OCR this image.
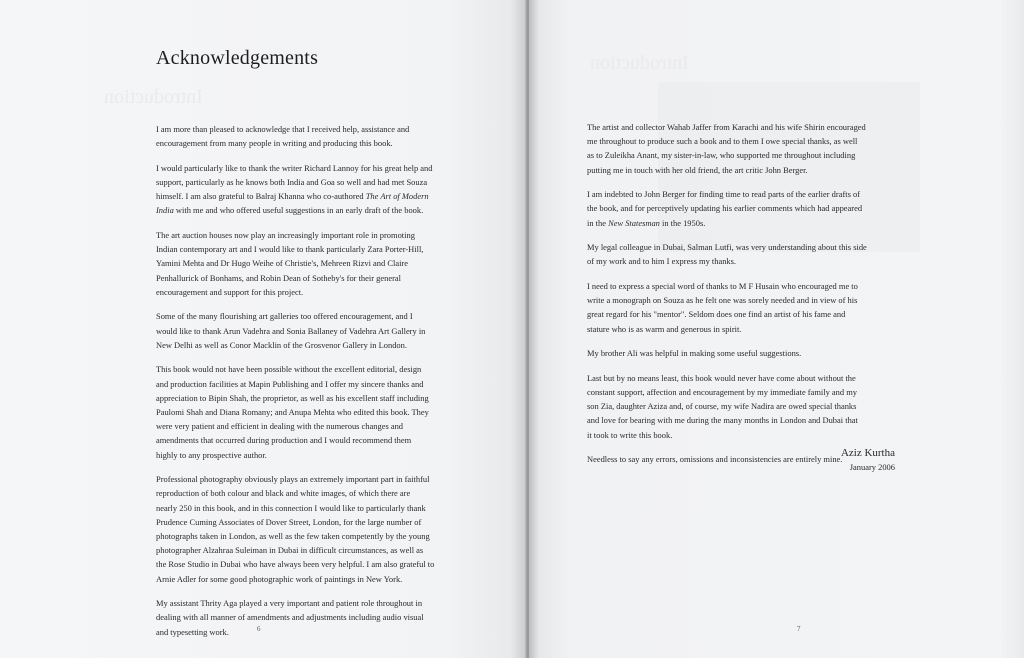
Introduction
Acknowledgements

I am more than pleased to acknowledge that I received help, assistance and
encouragement from many people in writing and producing this book.

I would particularly like to thank the writer Richard Lannoy for his great help and
support, particularly as he knows both India and Goa so well and had met Souza
himself. I am also grateful to Balraj Khanna who co-authored The Art of Modern
India with me and who offered useful suggestions in an early draft of the book.

The art auction houses now play an increasingly important role in promoting
Indian contemporary art and I would like to thank particularly Zara Porter-Hill,
Yamini Mehta and Dr Hugo Weihe of Christie's, Mehreen Rizvi and Claire
Penhallurick of Bonhams, and Robin Dean of Sotheby's for their general
encouragement and support for this project.

Some of the many flourishing art galleries too offered encouragement, and I
would like to thank Arun Vadehra and Sonia Ballaney of Vadehra Art Gallery in
New Delhi as well as Conor Macklin of the Grosvenor Gallery in London.

This book would not have been possible without the excellent editorial, design
and production facilities at Mapin Publishing and I offer my sincere thanks and
appreciation to Bipin Shah, the proprietor, as well as his excellent staff including
Paulomi Shah and Diana Romany; and Anupa Mehta who edited this book. They
were very patient and efficient in dealing with the numerous changes and
amendments that occurred during production and I would recommend them
highly to any prospective author.

Professional photography obviously plays an extremely important part in faithful
reproduction of both colour and black and white images, of which there are
nearly 250 in this book, and in this connection I would like to particularly thank
Prudence Cuming Associates of Dover Street, London, for the large number of
photographs taken in London, as well as the few taken competently by the young
photographer Alzahraa Suleiman in Dubai in difficult circumstances, as well as
the Rose Studio in Dubai who have always been very helpful. I am also grateful to
Arnie Adler for some good photographic work of paintings in New York.

My assistant Thrity Aga played a very important and patient role throughout in
dealing with all manner of amendments and adjustments including audio visual
and typesetting work.	6
Introduction

The artist and collector Wahab Jaffer from Karachi and his wife Shirin encouraged
me throughout to produce such a book and to them I owe special thanks, as well
as to Zuleikha Anant, my sister-in-law, who supported me throughout including
putting me in touch with her old friend, the art critic John Berger.

I am indebted to John Berger for finding time to read parts of the earlier drafts of
the book, and for perceptively updating his earlier comments which had appeared
in the New Statesman in the 1950s.

My legal colleague in Dubai, Salman Lutfi, was very understanding about this side
of my work and to him I express my thanks.

I need to express a special word of thanks to M F Husain who encouraged me to
write a monograph on Souza as he felt one was sorely needed and in view of his
great regard for his "mentor". Seldom does one find an artist of his fame and
stature who is as warm and generous in spirit.

My brother Ali was helpful in making some useful suggestions.

Last but by no means least, this book would never have come about without the
constant support, affection and encouragement by my immediate family and my
son Zia, daughter Aziza and, of course, my wife Nadira are owed special thanks
and love for bearing with me during the many months in London and Dubai that
it took to write this book.

Needless to say any errors, omissions and inconsistencies are entirely mine.

Aziz Kurtha
January 2006
7
